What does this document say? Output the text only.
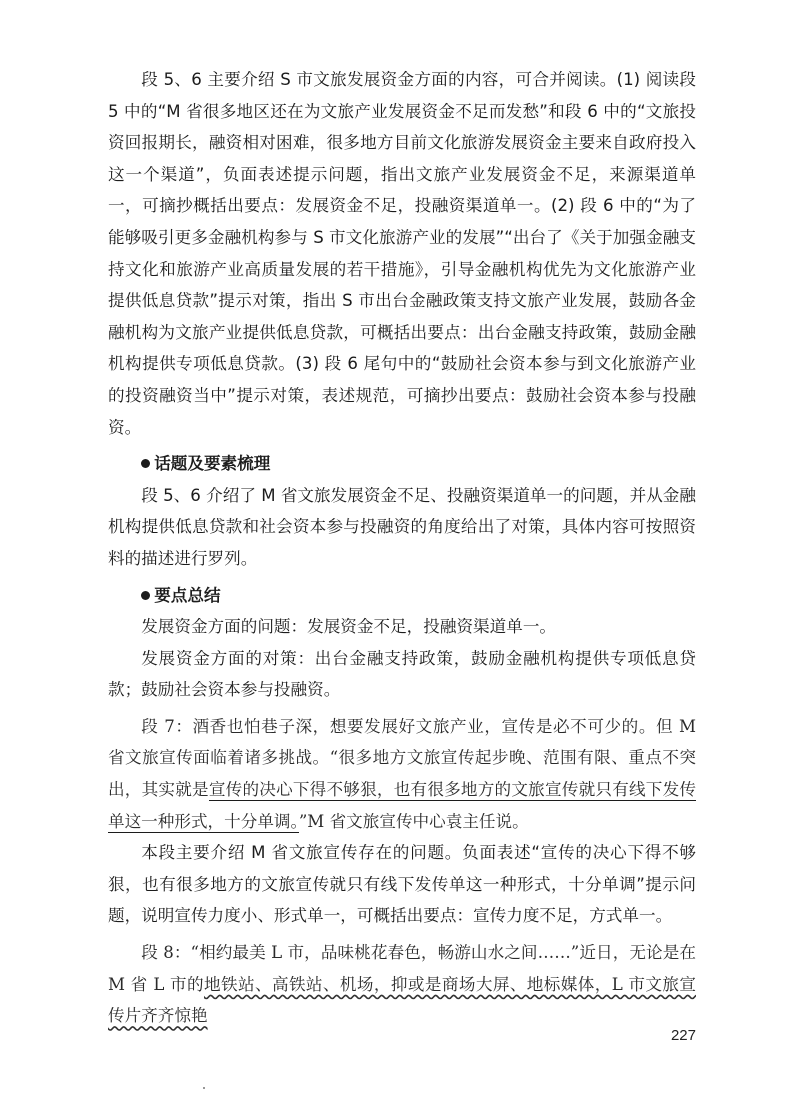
段 5、6 主要介绍 S 市文旅发展资金方面的内容，可合并阅读。(1) 阅读段 5 中的“M 省很多地区还在为文旅产业发展资金不足而发愁”和段 6 中的“文旅投资回报期长，融资相对困难，很多地方目前文化旅游发展资金主要来自政府投入这一个渠道”，负面表述提示问题，指出文旅产业发展资金不足，来源渠道单一，可摘抄概括出要点：发展资金不足，投融资渠道单一。(2) 段 6 中的“为了能够吸引更多金融机构参与 S 市文化旅游产业的发展”“出台了《关于加强金融支持文化和旅游产业高质量发展的若干措施》，引导金融机构优先为文化旅游产业提供低息贷款”提示对策，指出 S 市出台金融政策支持文旅产业发展，鼓励各金融机构为文旅产业提供低息贷款，可概括出要点：出台金融支持政策，鼓励金融机构提供专项低息贷款。(3) 段 6 尾句中的“鼓励社会资本参与到文化旅游产业的投资融资当中”提示对策，表述规范，可摘抄出要点：鼓励社会资本参与投融资。

话题及要素梳理

段 5、6 介绍了 M 省文旅发展资金不足、投融资渠道单一的问题，并从金融机构提供低息贷款和社会资本参与投融资的角度给出了对策，具体内容可按照资料的描述进行罗列。

要点总结

发展资金方面的问题：发展资金不足，投融资渠道单一。

发展资金方面的对策：出台金融支持政策，鼓励金融机构提供专项低息贷款；鼓励社会资本参与投融资。

段 7：酒香也怕巷子深，想要发展好文旅产业，宣传是必不可少的。但 M 省文旅宣传面临着诸多挑战。“很多地方文旅宣传起步晚、范围有限、重点不突出，其实就是宣传的决心下得不够狠，也有很多地方的文旅宣传就只有线下发传单这一种形式，十分单调。”M 省文旅宣传中心袁主任说。

本段主要介绍 M 省文旅宣传存在的问题。负面表述“宣传的决心下得不够狠，也有很多地方的文旅宣传就只有线下发传单这一种形式，十分单调”提示问题，说明宣传力度小、形式单一，可概括出要点：宣传力度不足，方式单一。

段 8：“相约最美 L 市，品味桃花春色，畅游山水之间……”近日，无论是在 M 省 L 市的地铁站、高铁站、机场，抑或是商场大屏、地标媒体，L 市文旅宣传片齐齐惊艳

227
